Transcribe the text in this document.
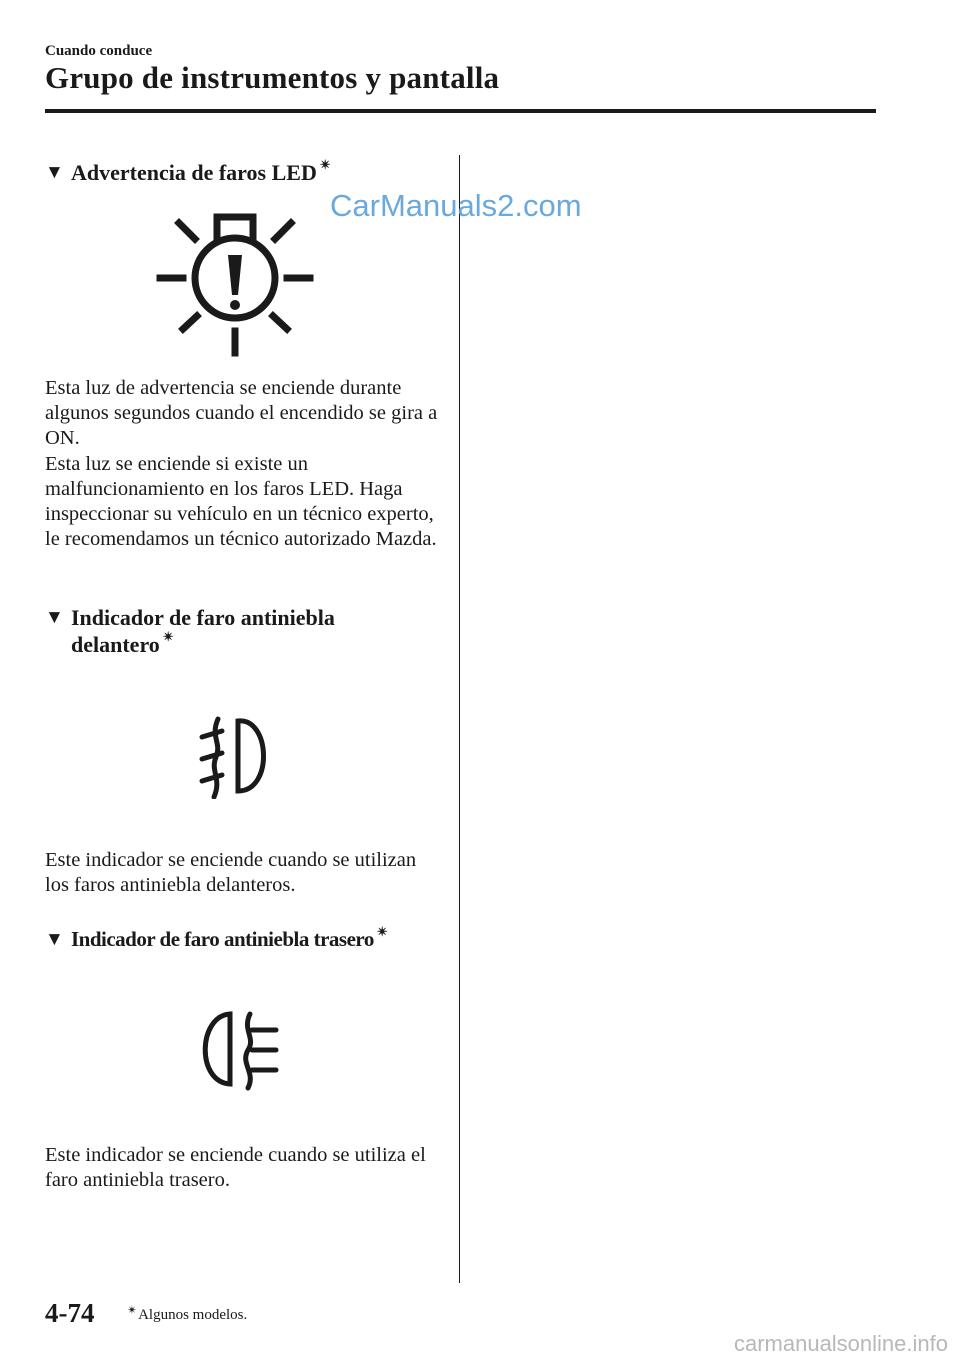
Cuando conduce
Grupo de instrumentos y pantalla
CarManuals2.com
▼ Advertencia de faros LED ✴

Esta luz de advertencia se enciende durante algunos segundos cuando el encendido se gira a ON.

Esta luz se enciende si existe un malfuncionamiento en los faros LED. Haga inspeccionar su vehículo en un técnico experto, le recomendamos un técnico autorizado Mazda.

▼ Indicador de faro antiniebla
delantero ✴

Este indicador se enciende cuando se utilizan los faros antiniebla delanteros.

▼ Indicador de faro antiniebla trasero ✴

Este indicador se enciende cuando se utiliza el faro antiniebla trasero.

4-74	✴Algunos modelos.
carmanualsonline.info
